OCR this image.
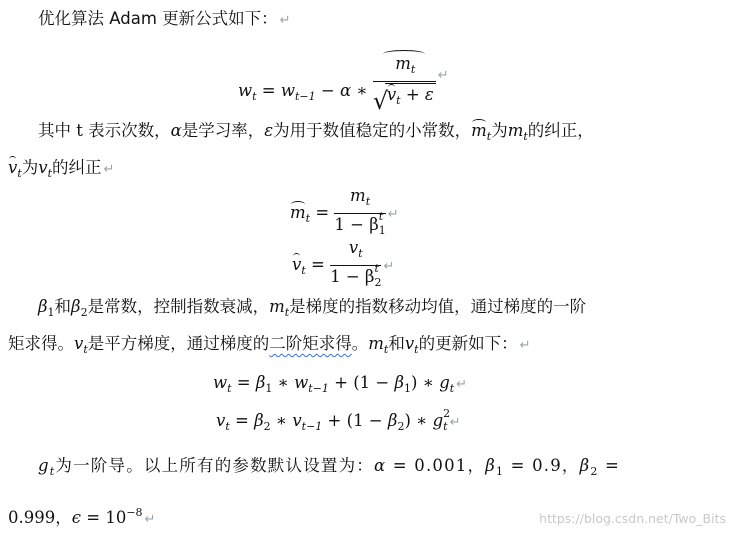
优化算法 Adam 更新公式如下： ↵
$w_t = w_{t-1} - \alpha$ ∗ $m_t$
√
$v_t + \varepsilon$ ↵
其中 t 表示次数，α是学习率，ε为用于数值稳定的小常数，$m_t$为$m_t$的纠正，
$v_t$为$v_t$的纠正 ↵
$m_t = m_t$
1 − β t
$_1$ ↵
$v_t = v_t$
1 − β t
$_2$ ↵
$\beta_1$和$\beta_2$是常数，控制指数衰减，$m_t$是梯度的指数移动均值，通过梯度的一阶
矩求得。$v_t$是平方梯度，通过梯度的二阶矩求得。$m_t$和$v_t$的更新如下： ↵
$w_t = \beta_1$ ∗ $w_{t-1} + (1 - \beta_1)$ ∗ $g_t$ ↵
$v_t = \beta_2$ ∗ $v_{t-1} + (1 - \beta_2)$ ∗ g 2
$_t$ ↵
$g_t$为一阶导。以上所有的参数默认设置为：α = 0.001，$\beta_1 = 0.9$，$\beta_2$ =
0.999，$\epsilon = 10^{-8}$ ↵	https://blog.csdn.net/Two_Bits
